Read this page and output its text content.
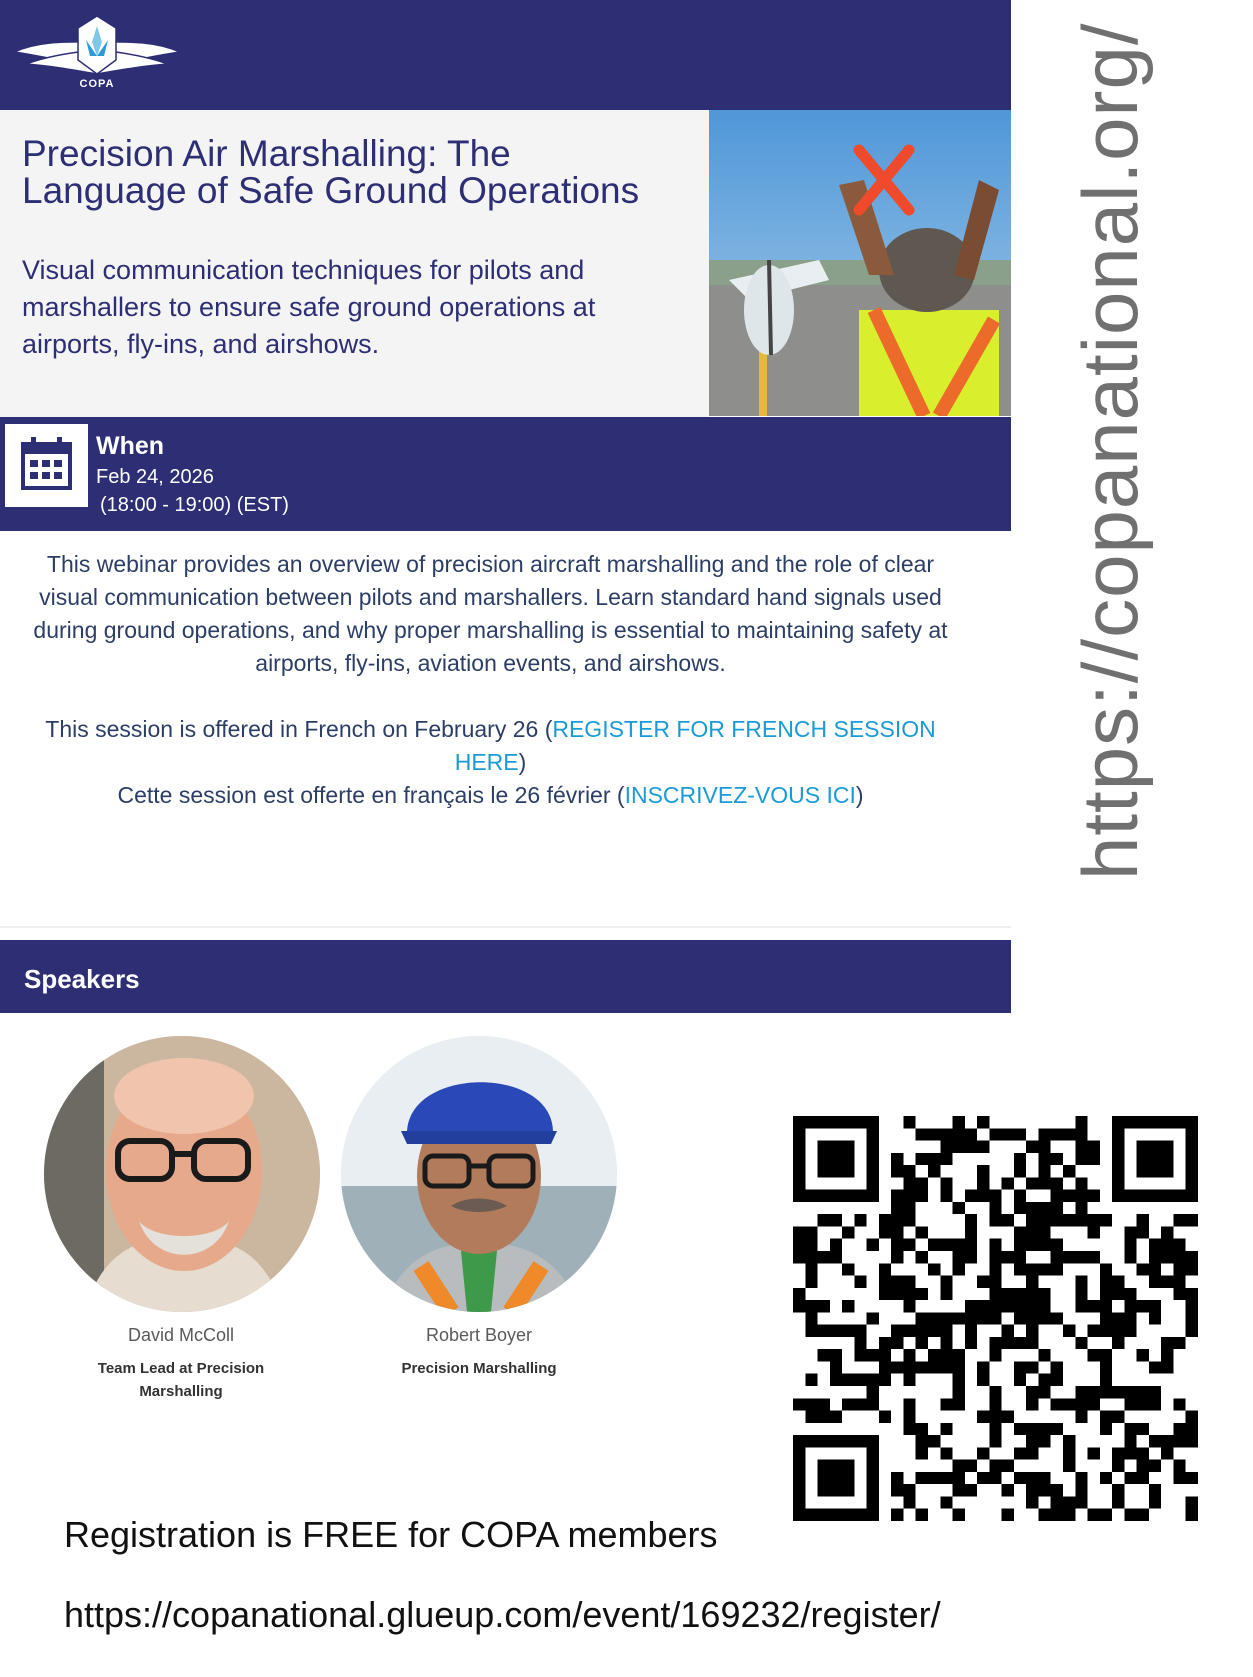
COPA
Precision Air Marshalling: The Language of Safe Ground Operations

Visual communication techniques for pilots and marshallers to ensure safe ground operations at airports, fly-ins, and airshows.

When
Feb 24, 2026
(18:00 - 19:00) (EST)

This webinar provides an overview of precision aircraft marshalling and the role of clear visual communication between pilots and marshallers. Learn standard hand signals used during ground operations, and why proper marshalling is essential to maintaining safety at airports, fly-ins, aviation events, and airshows.

This session is offered in French on February 26 (REGISTER FOR FRENCH SESSION HERE)

Cette session est offerte en français le 26 février (INSCRIVEZ-VOUS ICI)

Speakers
David McColl
Team Lead at Precision Marshalling
Robert Boyer
Precision Marshalling
https://copanational.org/
Registration is FREE for COPA members
https://copanational.glueup.com/event/169232/register/
